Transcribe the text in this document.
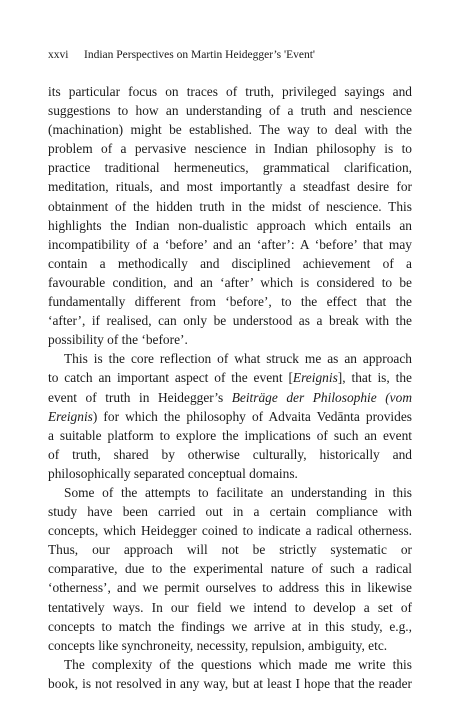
xxvi Indian Perspectives on Martin Heidegger’s 'Event'
its particular focus on traces of truth, privileged sayings and
suggestions to how an understanding of a truth and nescience
(machination) might be established. The way to deal with the
problem of a pervasive nescience in Indian philosophy is to
practice traditional hermeneutics, grammatical clarification,
meditation, rituals, and most importantly a steadfast desire for
obtainment of the hidden truth in the midst of nescience. This
highlights the Indian non-dualistic approach which entails an
incompatibility of a ‘before’ and an ‘after’: A ‘before’ that may
contain a methodically and disciplined achievement of a
favourable condition, and an ‘after’ which is considered to be
fundamentally different from ‘before’, to the effect that the
‘after’, if realised, can only be understood as a break with the
possibility of the ‘before’.
This is the core reflection of what struck me as an approach
to catch an important aspect of the event [Ereignis], that is, the
event of truth in Heidegger’s Beiträge der Philosophie (vom
Ereignis) for which the philosophy of Advaita Vedānta provides
a suitable platform to explore the implications of such an event
of truth, shared by otherwise culturally, historically and
philosophically separated conceptual domains.
Some of the attempts to facilitate an understanding in this
study have been carried out in a certain compliance with
concepts, which Heidegger coined to indicate a radical otherness.
Thus, our approach will not be strictly systematic or
comparative, due to the experimental nature of such a radical
‘otherness’, and we permit ourselves to address this in likewise
tentatively ways. In our field we intend to develop a set of
concepts to match the findings we arrive at in this study, e.g.,
concepts like synchroneity, necessity, repulsion, ambiguity, etc.
The complexity of the questions which made me write this
book, is not resolved in any way, but at least I hope that the reader
